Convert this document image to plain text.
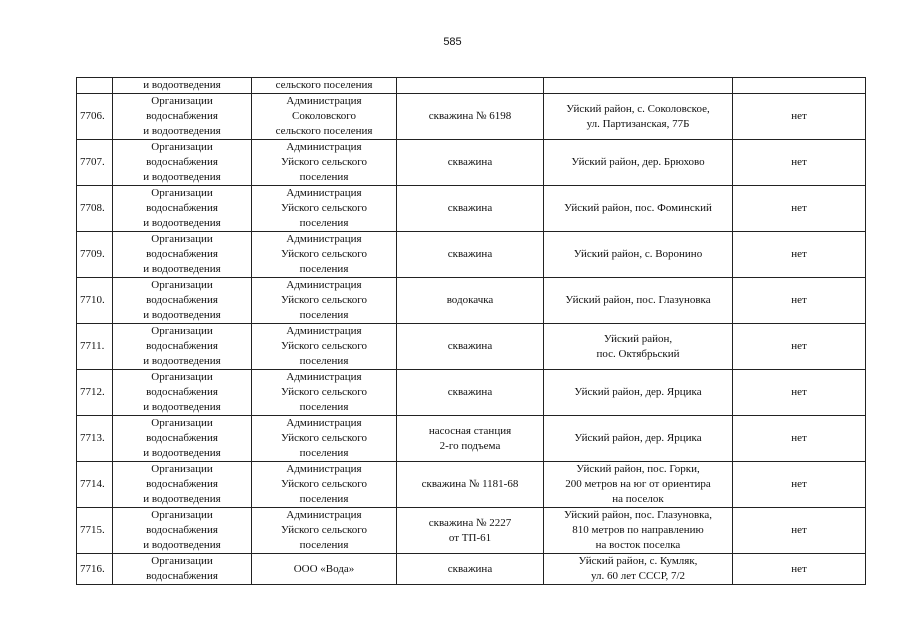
585
	и водоотведения	сельского поселения			
7706.	Организации
водоснабжения
и водоотведения	Администрация
Соколовского
сельского поселения	скважина № 6198	Уйский район, с. Соколовское,
ул. Партизанская, 77Б	нет
7707.	Организации
водоснабжения
и водоотведения	Администрация
Уйского сельского
поселения	скважина	Уйский район, дер. Брюхово	нет
7708.	Организации
водоснабжения
и водоотведения	Администрация
Уйского сельского
поселения	скважина	Уйский район, пос. Фоминский	нет
7709.	Организации
водоснабжения
и водоотведения	Администрация
Уйского сельского
поселения	скважина	Уйский район, с. Воронино	нет
7710.	Организации
водоснабжения
и водоотведения	Администрация
Уйского сельского
поселения	водокачка	Уйский район, пос. Глазуновка	нет
7711.	Организации
водоснабжения
и водоотведения	Администрация
Уйского сельского
поселения	скважина	Уйский район,
пос. Октябрьский	нет
7712.	Организации
водоснабжения
и водоотведения	Администрация
Уйского сельского
поселения	скважина	Уйский район, дер. Ярцика	нет
7713.	Организации
водоснабжения
и водоотведения	Администрация
Уйского сельского
поселения	насосная станция
2-го подъема	Уйский район, дер. Ярцика	нет
7714.	Организации
водоснабжения
и водоотведения	Администрация
Уйского сельского
поселения	скважина № 1181-68	Уйский район, пос. Горки,
200 метров на юг от ориентира
на поселок	нет
7715.	Организации
водоснабжения
и водоотведения	Администрация
Уйского сельского
поселения	скважина № 2227
от ТП-61	Уйский район, пос. Глазуновка,
810 метров по направлению
на восток поселка	нет
7716.	Организации
водоснабжения	ООО «Вода»	скважина	Уйский район, с. Кумляк,
ул. 60 лет СССР, 7/2	нет
